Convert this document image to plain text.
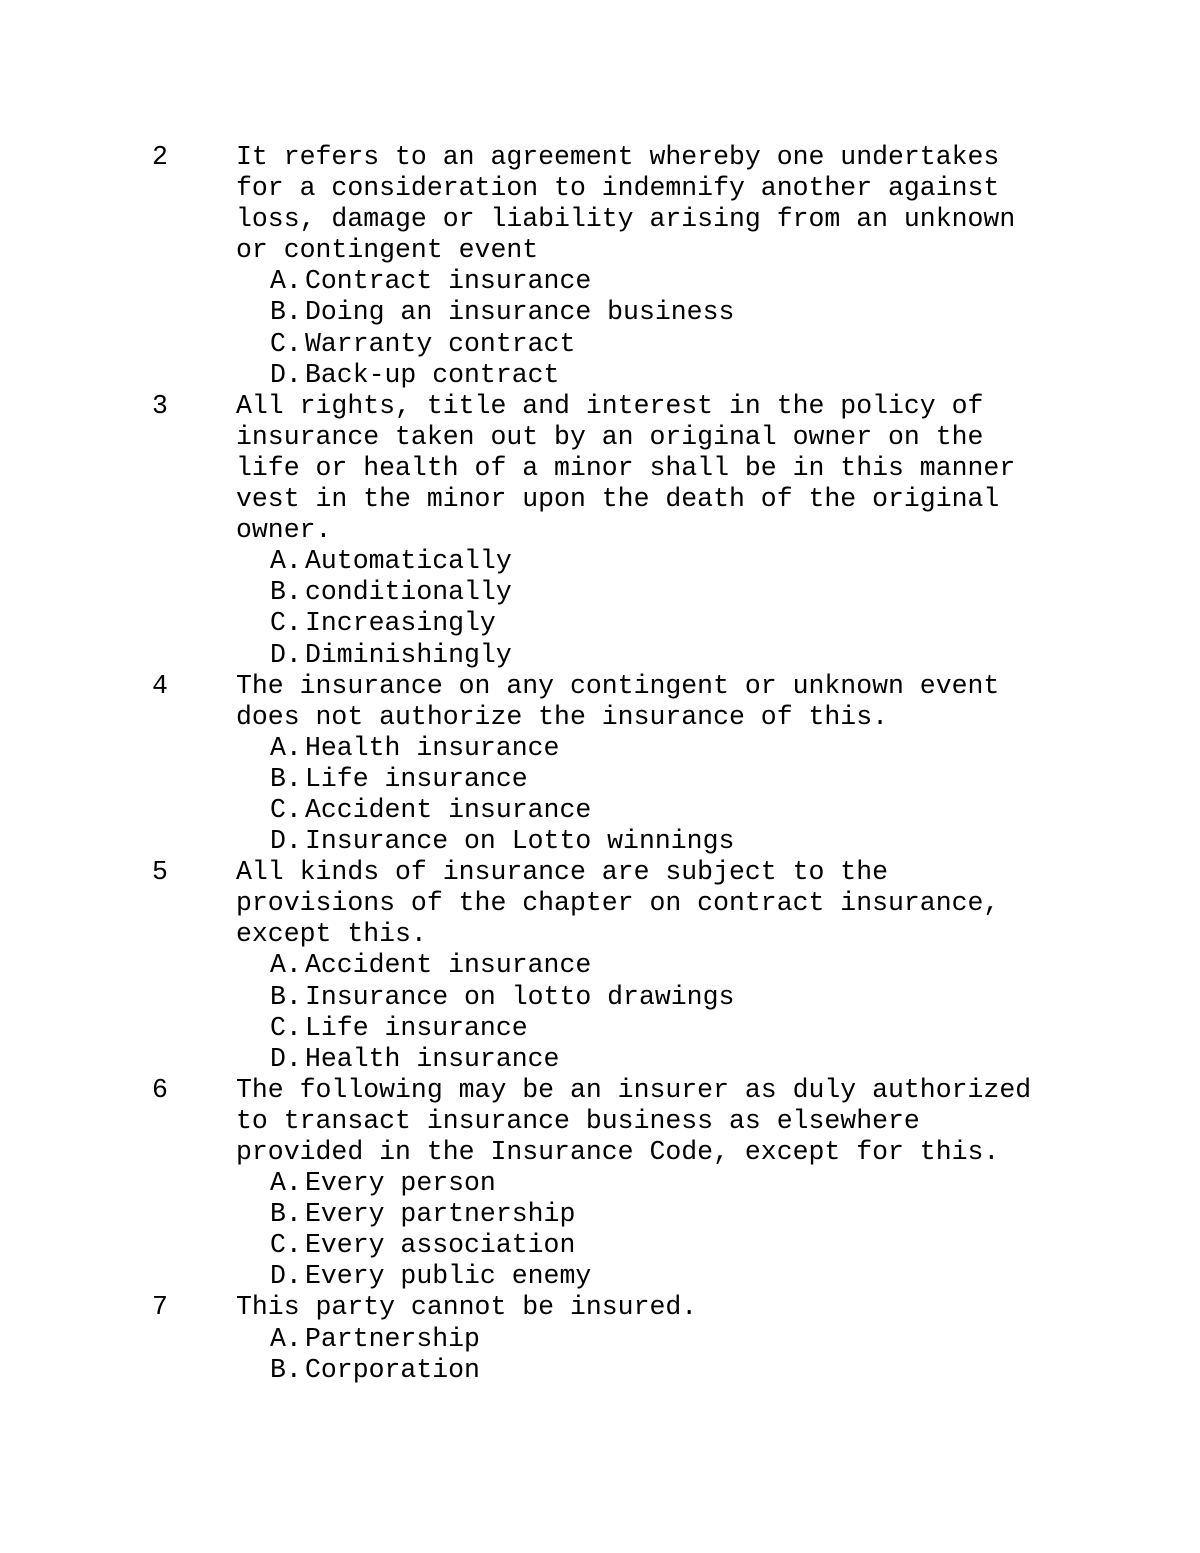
2	It refers to an agreement whereby one undertakes
for a consideration to indemnify another against
loss, damage or liability arising from an unknown
or contingent event
A. Contract insurance
B. Doing an insurance business
C. Warranty contract
D. Back-up contract
3	All rights, title and interest in the policy of
insurance taken out by an original owner on the
life or health of a minor shall be in this manner
vest in the minor upon the death of the original
owner.
A. Automatically
B. conditionally
C. Increasingly
D. Diminishingly
4	The insurance on any contingent or unknown event
does not authorize the insurance of this.
A. Health insurance
B. Life insurance
C. Accident insurance
D. Insurance on Lotto winnings
5	All kinds of insurance are subject to the
provisions of the chapter on contract insurance,
except this.
A. Accident insurance
B. Insurance on lotto drawings
C. Life insurance
D. Health insurance
6	The following may be an insurer as duly authorized
to transact insurance business as elsewhere
provided in the Insurance Code, except for this.
A. Every person
B. Every partnership
C. Every association
D. Every public enemy
7	This party cannot be insured.
A. Partnership
B. Corporation
